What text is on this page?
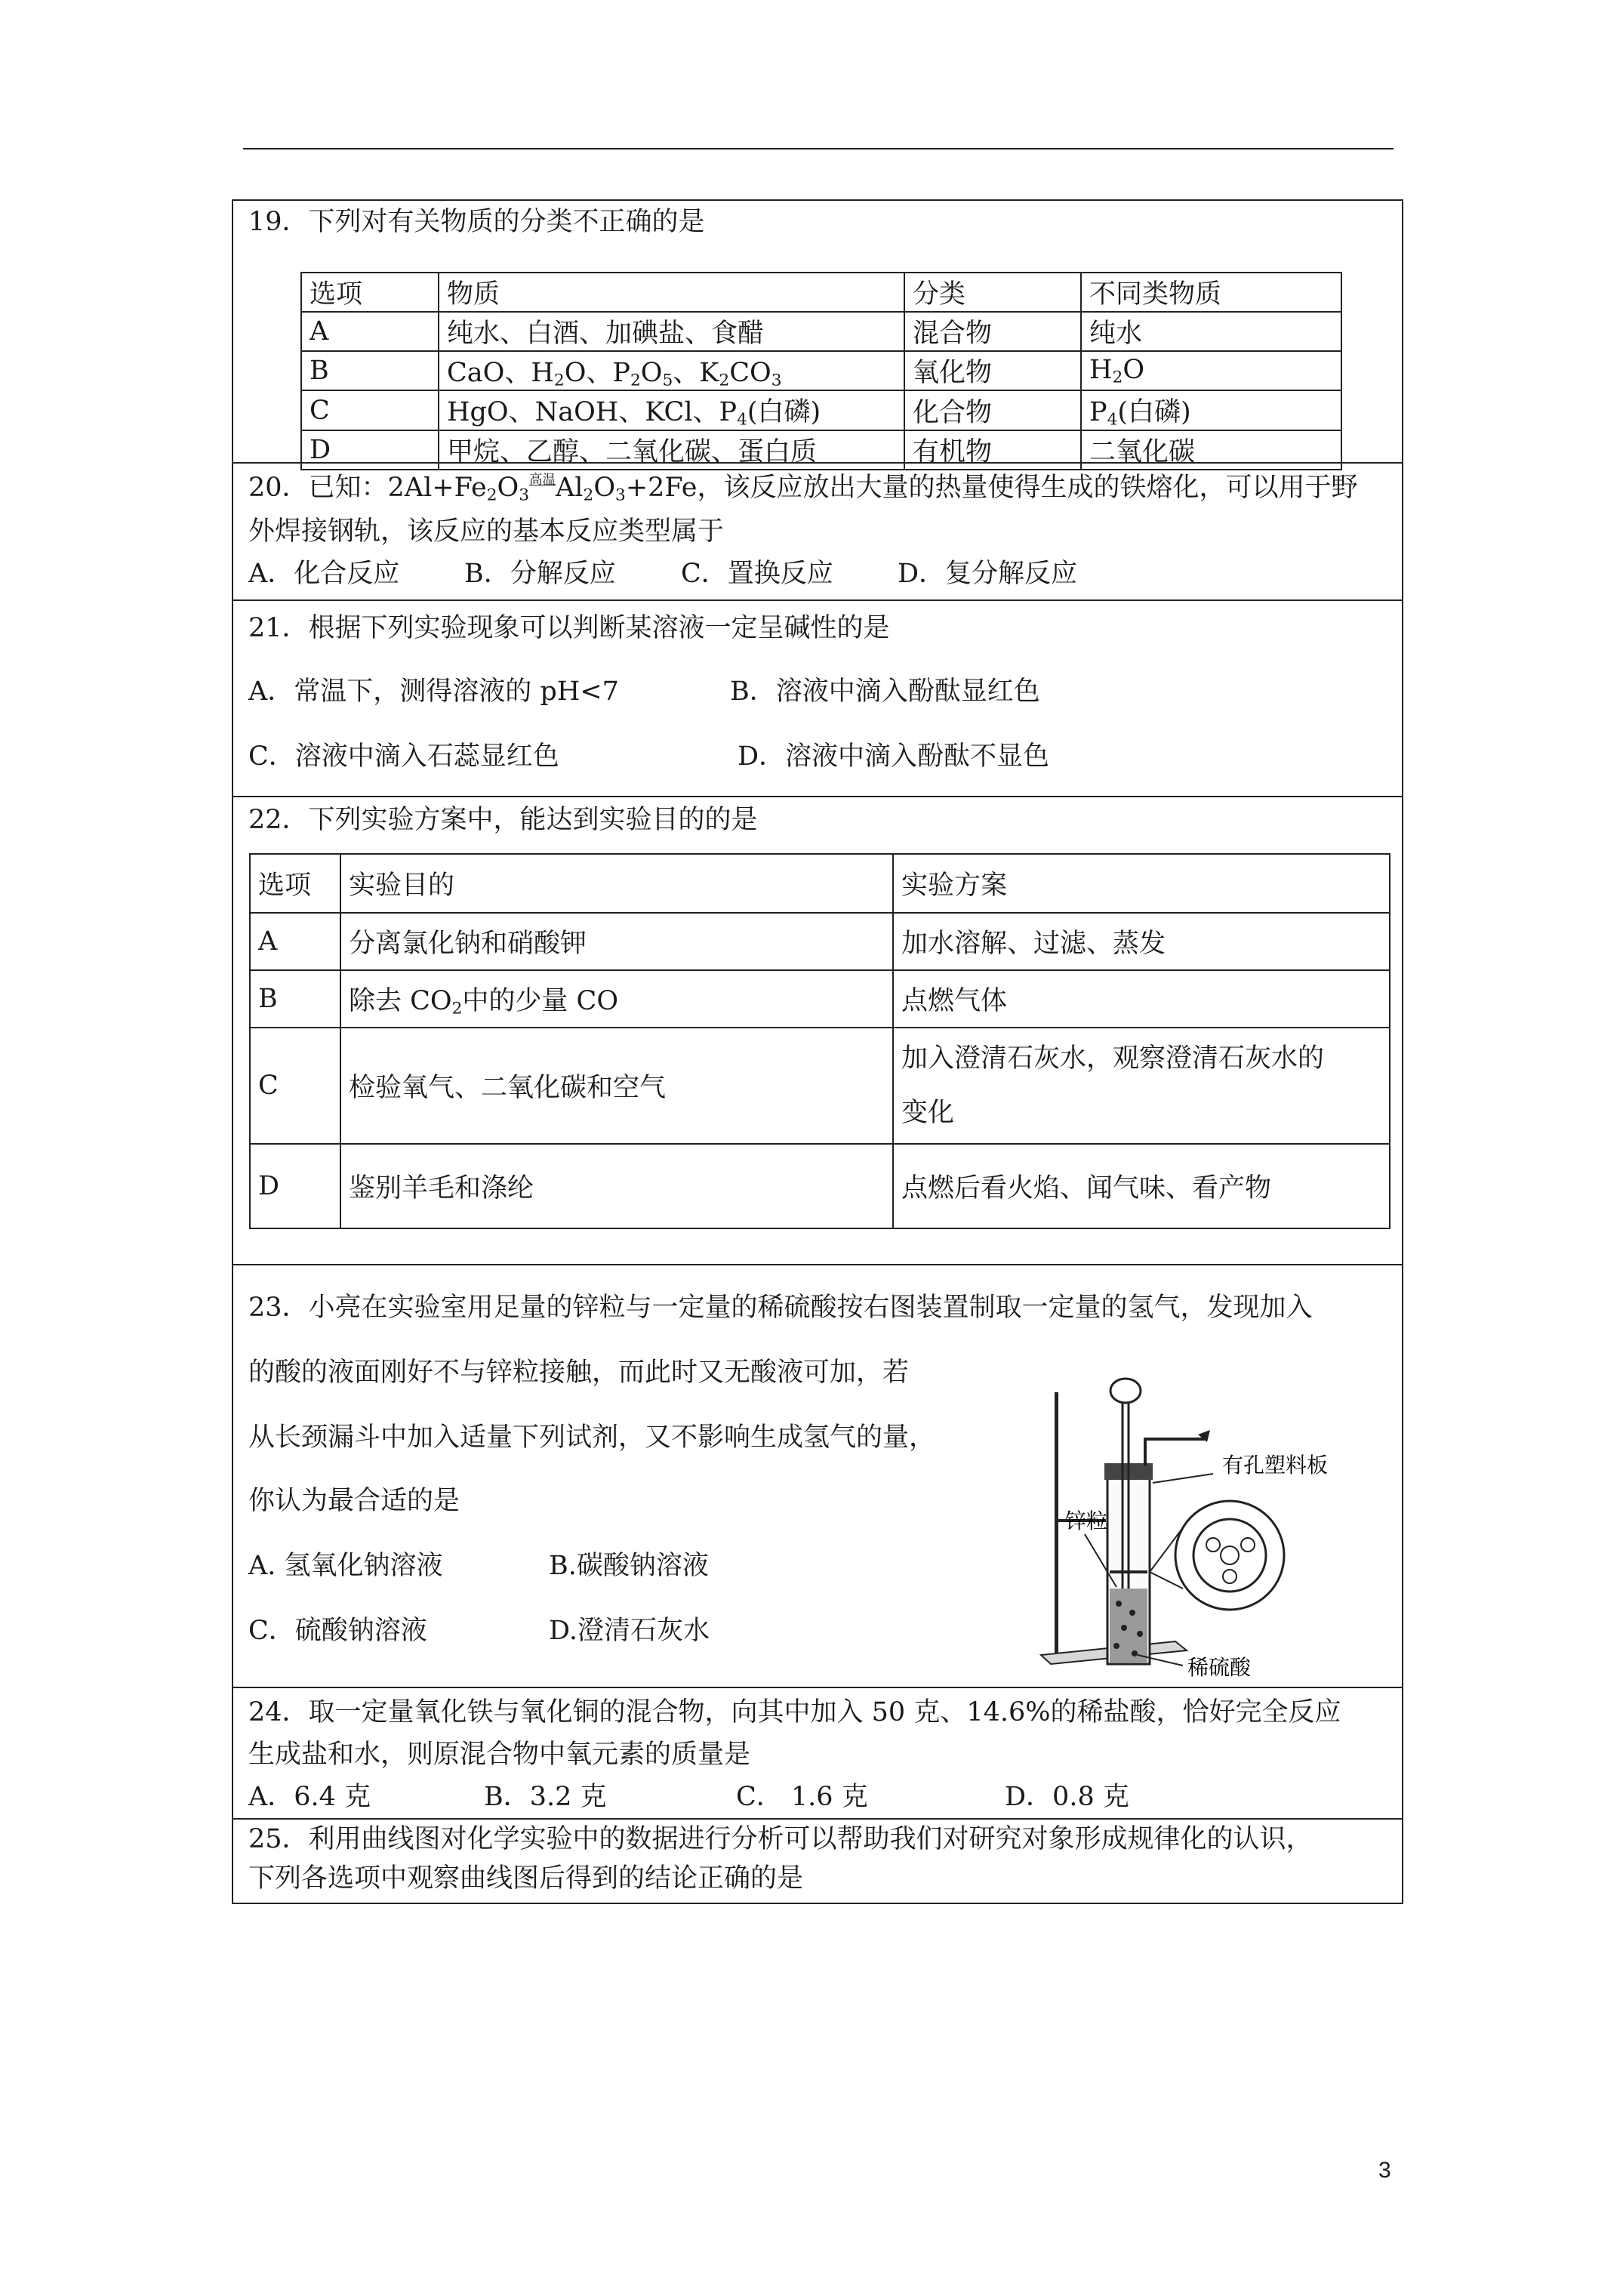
19．下列对有关物质的分类不正确的是
选项	物质	分类	不同类物质
A	纯水、白酒、加碘盐、食醋	混合物	纯水
B	CaO、$H_2O$、$P_2O_5$、$K_2CO_3$	氧化物	$H_2O$
C	HgO、NaOH、KCl、$P_4$(白磷)	化合物	$P_4$(白磷)
D	甲烷、乙醇、二氧化碳、蛋白质	有机物	二氧化碳
20．已知：$2Al+Fe_2O_3^{高温}Al_2O_3+2Fe$，该反应放出大量的热量使得生成的铁熔化，可以用于野
外焊接钢轨，该反应的基本反应类型属于
A．化合反应 B．分解反应 C．置换反应 D．复分解反应
21．根据下列实验现象可以判断某溶液一定呈碱性的是
A．常温下，测得溶液的 pH<7	B．溶液中滴入酚酞显红色
C．溶液中滴入石蕊显红色	D．溶液中滴入酚酞不显色
22．下列实验方案中，能达到实验目的的是
选项	实验目的	实验方案
A	分离氯化钠和硝酸钾	加水溶解、过滤、蒸发
B	除去 $CO_2$中的少量 CO	点燃气体
C	检验氧气、二氧化碳和空气	加入澄清石灰水，观察澄清石灰水的
变化

D	鉴别羊毛和涤纶	点燃后看火焰、闻气味、看产物
23．小亮在实验室用足量的锌粒与一定量的稀硫酸按右图装置制取一定量的氢气，发现加入
的酸的液面刚好不与锌粒接触，而此时又无酸液可加，若
从长颈漏斗中加入适量下列试剂，又不影响生成氢气的量，
你认为最合适的是
A. 氢氧化钠溶液	B.碳酸钠溶液
C．硫酸钠溶液	D.澄清石灰水
有孔塑料板
锌粒
稀硫酸
24．取一定量氧化铁与氧化铜的混合物，向其中加入 50 克、14.6%的稀盐酸，恰好完全反应
生成盐和水，则原混合物中氧元素的质量是
A．6.4 克	B．3.2 克	C． 1.6 克	D．0.8 克
25．利用曲线图对化学实验中的数据进行分析可以帮助我们对研究对象形成规律化的认识，
下列各选项中观察曲线图后得到的结论正确的是
3
